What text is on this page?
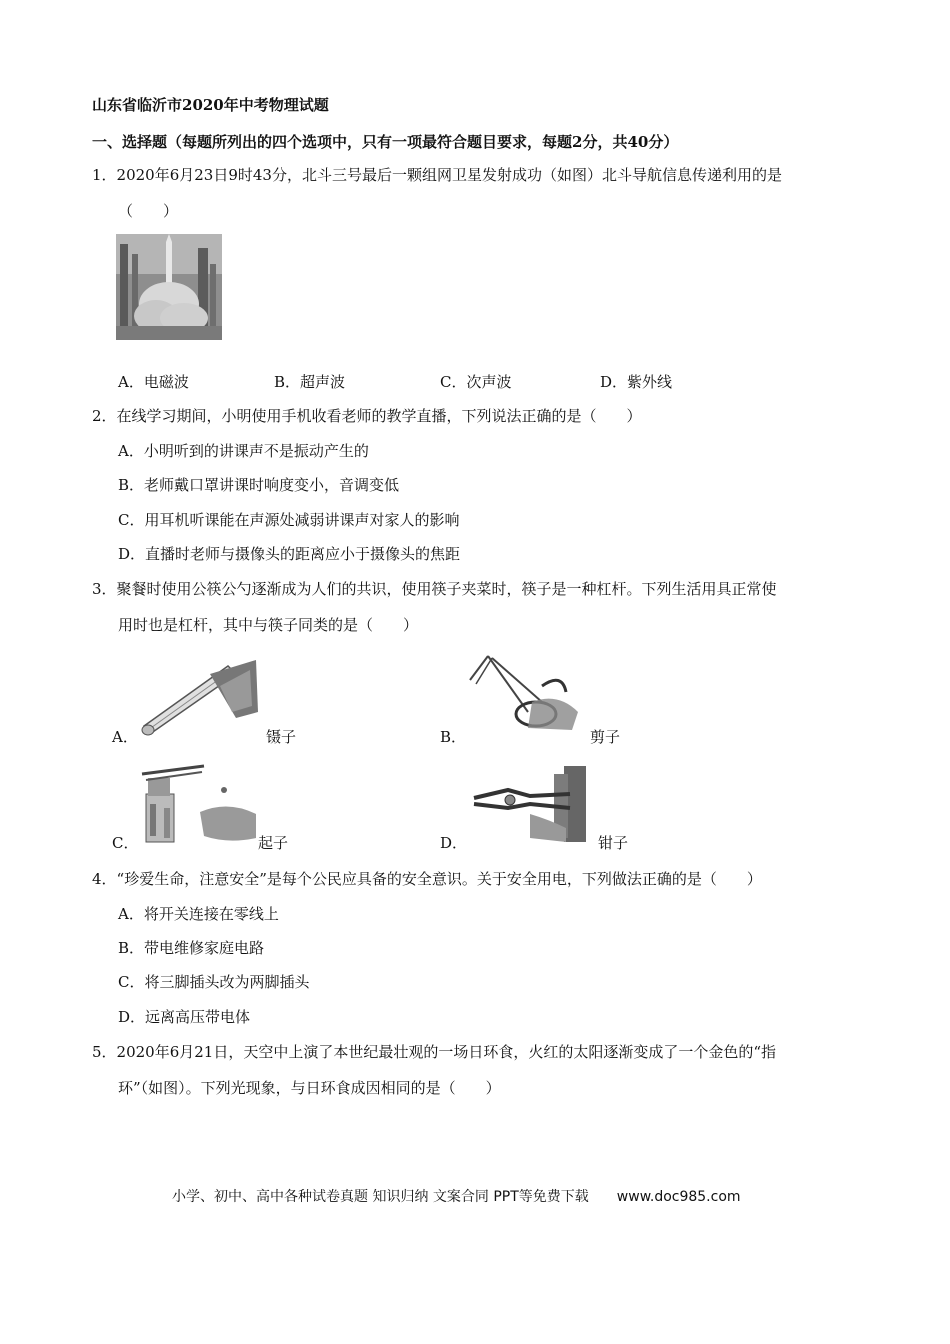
山东省临沂市2020年中考物理试题
一、选择题（每题所列出的四个选项中，只有一项最符合题目要求，每题2分，共40分）
1．2020年6月23日9时43分，北斗三号最后一颗组网卫星发射成功（如图）北斗导航信息传递利用的是
（　　）
A．电磁波	B．超声波	C．次声波	D．紫外线
2．在线学习期间，小明使用手机收看老师的教学直播，下列说法正确的是（　　）
A．小明听到的讲课声不是振动产生的
B．老师戴口罩讲课时响度变小，音调变低
C．用耳机听课能在声源处减弱讲课声对家人的影响
D．直播时老师与摄像头的距离应小于摄像头的焦距
3．聚餐时使用公筷公勺逐渐成为人们的共识，使用筷子夹菜时，筷子是一种杠杆。下列生活用具正常使
用时也是杠杆，其中与筷子同类的是（　　）
A．	镊子	B．	剪子
C．	起子	D．	钳子
4．“珍爱生命，注意安全”是每个公民应具备的安全意识。关于安全用电，下列做法正确的是（　　）
A．将开关连接在零线上
B．带电维修家庭电路
C．将三脚插头改为两脚插头
D．远离高压带电体
5．2020年6月21日，天空中上演了本世纪最壮观的一场日环食，火红的太阳逐渐变成了一个金色的“指
环”（如图）。下列光现象，与日环食成因相同的是（　　）
小学、初中、高中各种试卷真题 知识归纳 文案合同 PPT等免费下载 www.doc985.com
